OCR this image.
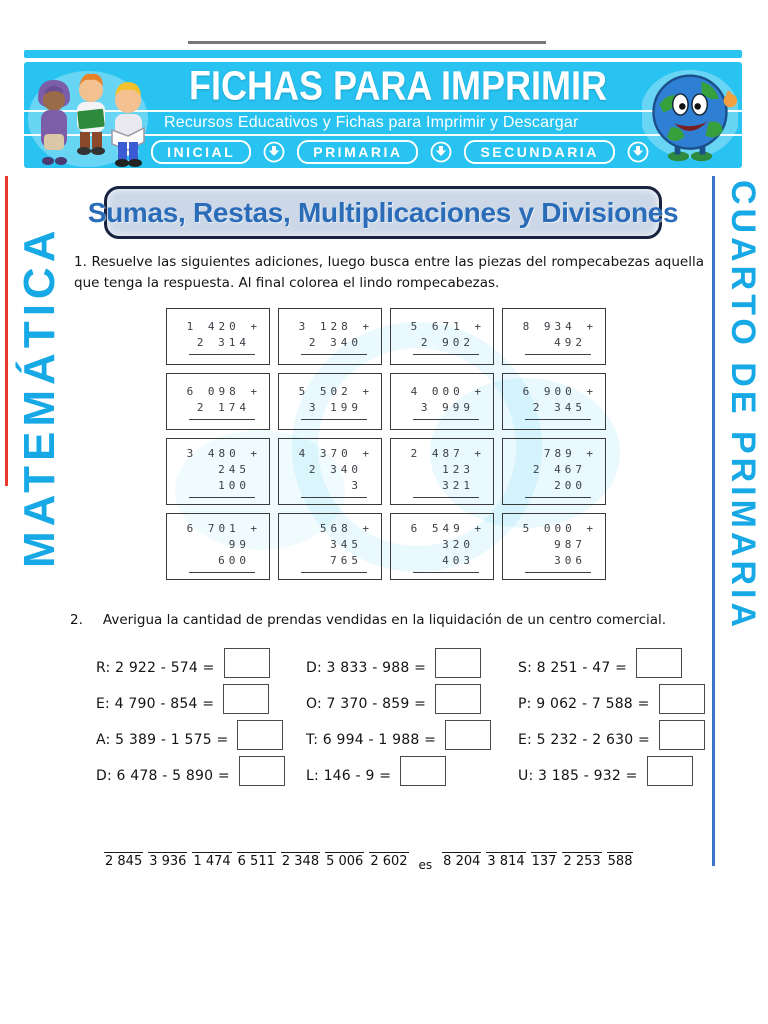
FICHAS PARA IMPRIMIR
Recursos Educativos y Fichas para Imprimir y Descargar
INICIAL	PRIMARIA	SECUNDARIA
MATEMÁTICA	CUARTO DE PRIMARIA
Sumas, Restas, Multiplicaciones y Divisiones
1. Resuelve las siguientes adiciones, luego busca entre las piezas del rompecabezas aquella que tenga la respuesta. Al final colorea el lindo rompecabezas.
1 420 +
2 314
3 128 +
2 340
5 671 +
2 902
8 934 +
492
6 098 +
2 174
5 502 +
3 199
4 000 +
3 999
6 900 +
2 345
3 480 +
245
100
4 370 +
2 340
3
2 487 +
123
321
789 +
2 467
200
6 701 +
99
600
568 +
345
765
6 549 +
320
403
5 000 +
987
306
2. Averigua la cantidad de prendas vendidas en la liquidación de un centro comercial.
R: 2 922 - 574 =	D: 3 833 - 988 =	S: 8 251 - 47 =
E: 4 790 - 854 =	O: 7 370 - 859 =	P: 9 062 - 7 588 =
A: 5 389 - 1 575 =	T: 6 994 - 1 988 =	E: 5 232 - 2 630 =
D: 6 478 - 5 890 =	L: 146 - 9 =	U: 3 185 - 932 =
2 845 3 936 1 474 6 511 2 348 5 006 2 602 es 8 204 3 814 137 2 253 588
